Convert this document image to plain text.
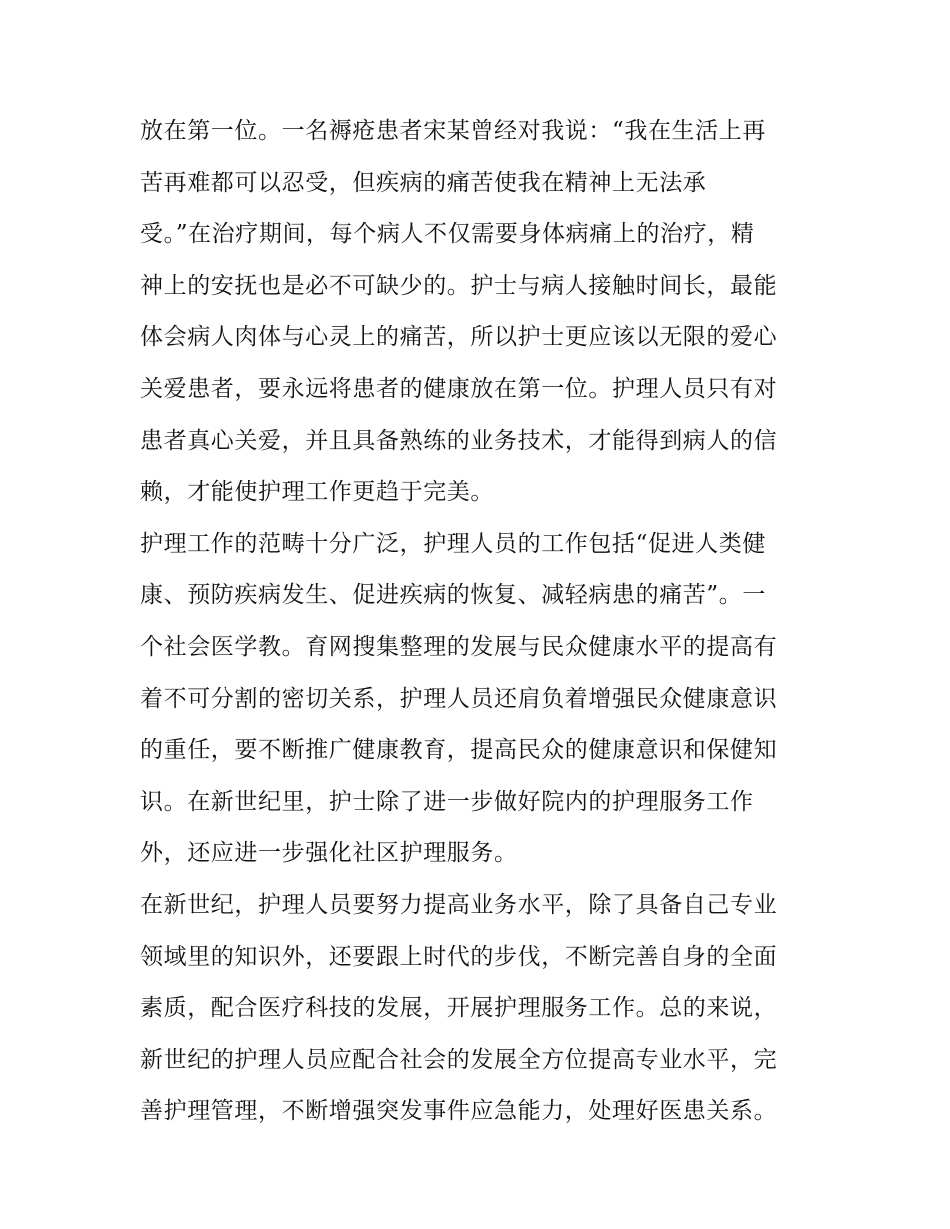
放在第一位。一名褥疮患者宋某曾经对我说：“我在生活上再
苦再难都可以忍受，但疾病的痛苦使我在精神上无法承
受。”在治疗期间，每个病人不仅需要身体病痛上的治疗，精
神上的安抚也是必不可缺少的。护士与病人接触时间长，最能
体会病人肉体与心灵上的痛苦，所以护士更应该以无限的爱心
关爱患者，要永远将患者的健康放在第一位。护理人员只有对
患者真心关爱，并且具备熟练的业务技术，才能得到病人的信
赖，才能使护理工作更趋于完美。
护理工作的范畴十分广泛，护理人员的工作包括“促进人类健
康、预防疾病发生、促进疾病的恢复、减轻病患的痛苦”。一
个社会医学教。育网搜集整理的发展与民众健康水平的提高有
着不可分割的密切关系，护理人员还肩负着增强民众健康意识
的重任，要不断推广健康教育，提高民众的健康意识和保健知
识。在新世纪里，护士除了进一步做好院内的护理服务工作
外，还应进一步强化社区护理服务。
在新世纪，护理人员要努力提高业务水平，除了具备自己专业
领域里的知识外，还要跟上时代的步伐，不断完善自身的全面
素质，配合医疗科技的发展，开展护理服务工作。总的来说，
新世纪的护理人员应配合社会的发展全方位提高专业水平，完
善护理管理，不断增强突发事件应急能力，处理好医患关系。
